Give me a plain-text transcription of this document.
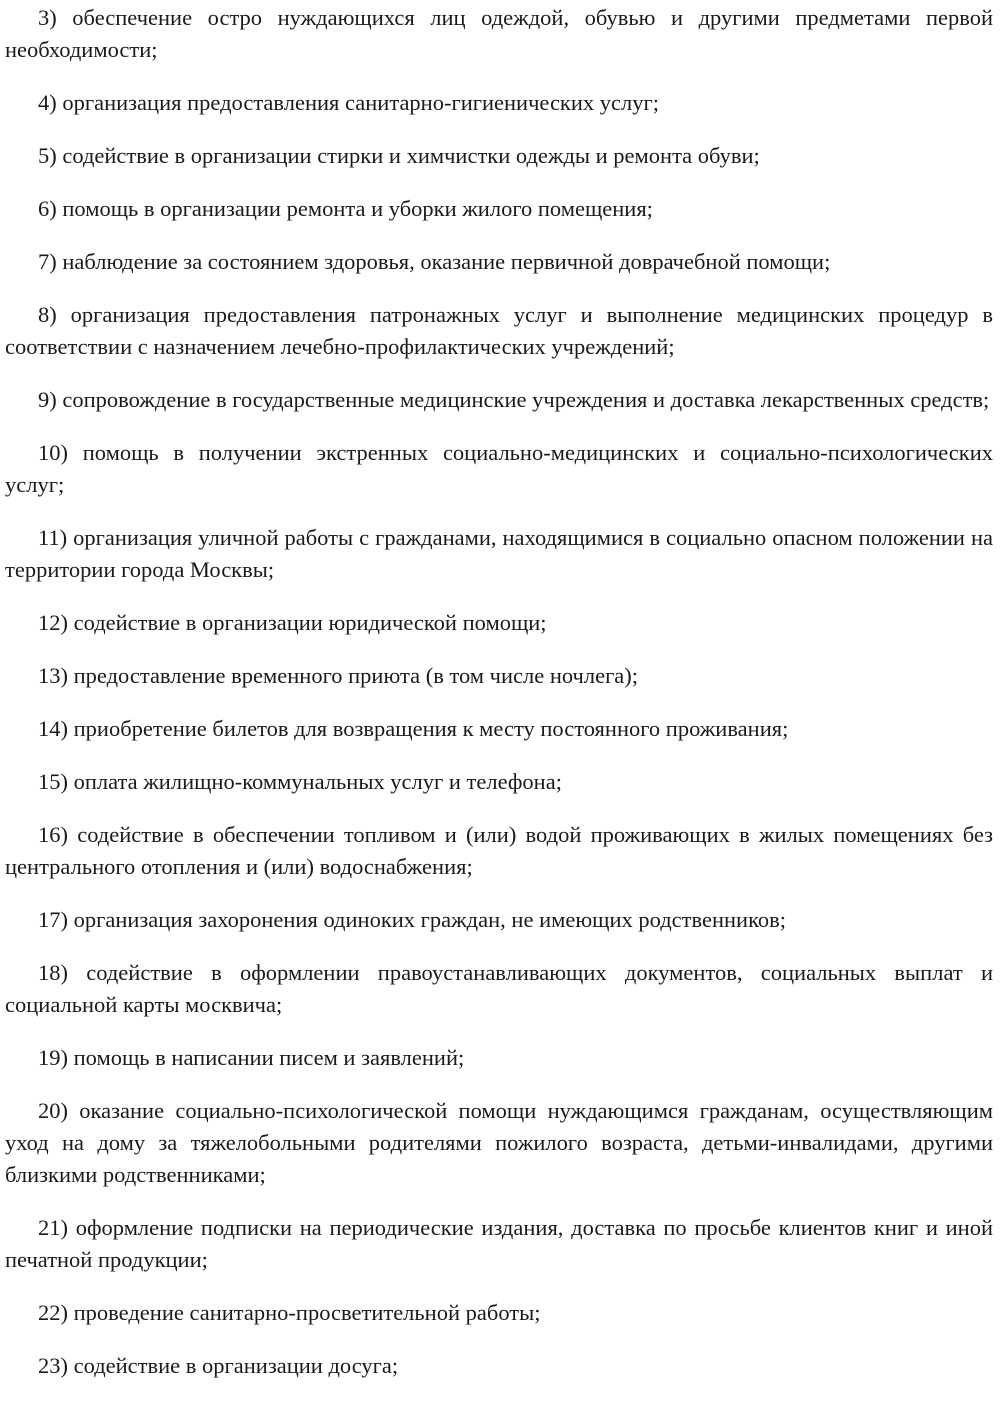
3) обеспечение остро нуждающихся лиц одеждой, обувью и другими предметами первой необходимости;

4) организация предоставления санитарно-гигиенических услуг;

5) содействие в организации стирки и химчистки одежды и ремонта обуви;

6) помощь в организации ремонта и уборки жилого помещения;

7) наблюдение за состоянием здоровья, оказание первичной доврачебной помощи;

8) организация предоставления патронажных услуг и выполнение медицинских процедур в соответствии с назначением лечебно-профилактических учреждений;

9) сопровождение в государственные медицинские учреждения и доставка лекарственных средств;

10) помощь в получении экстренных социально-медицинских и социально-психологических услуг;

11) организация уличной работы с гражданами, находящимися в социально опасном положении на территории города Москвы;

12) содействие в организации юридической помощи;

13) предоставление временного приюта (в том числе ночлега);

14) приобретение билетов для возвращения к месту постоянного проживания;

15) оплата жилищно-коммунальных услуг и телефона;

16) содействие в обеспечении топливом и (или) водой проживающих в жилых помещениях без центрального отопления и (или) водоснабжения;

17) организация захоронения одиноких граждан, не имеющих родственников;

18) содействие в оформлении правоустанавливающих документов, социальных выплат и социальной карты москвича;

19) помощь в написании писем и заявлений;

20) оказание социально-психологической помощи нуждающимся гражданам, осуществляющим уход на дому за тяжелобольными родителями пожилого возраста, детьми-инвалидами, другими близкими родственниками;

21) оформление подписки на периодические издания, доставка по просьбе клиентов книг и иной печатной продукции;

22) проведение санитарно-просветительной работы;

23) содействие в организации досуга;
